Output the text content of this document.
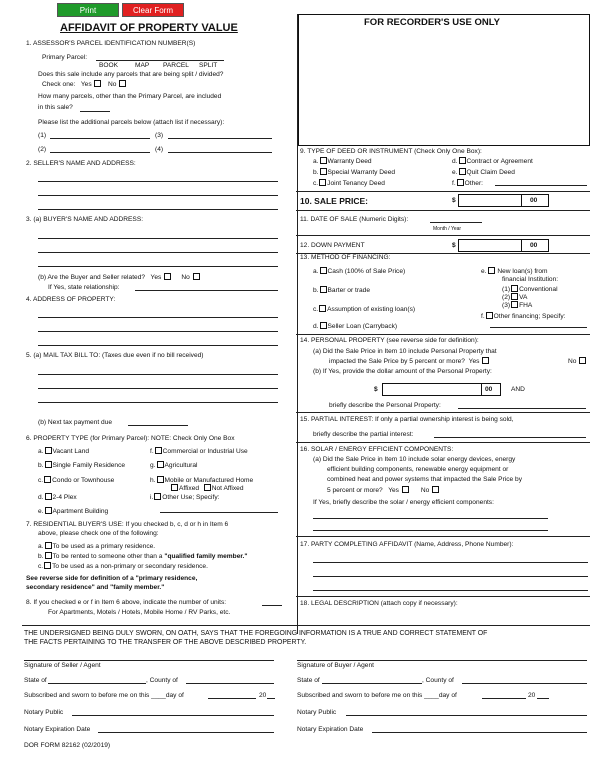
Print	Clear Form
AFFIDAVIT OF PROPERTY VALUE	FOR RECORDER'S USE ONLY
1. ASSESSOR'S PARCEL IDENTIFICATION NUMBER(S)
Primary Parcel:
BOOK	MAP PARCEL SPLIT
Does this sale include any parcels that are being split / divided?
Check one: Yes No
How many parcels, other than the Primary Parcel, are included
in this sale?
Please list the additional parcels below (attach list if necessary):
(1)	(3)
(2)	(4)
2. SELLER'S NAME AND ADDRESS:
3. (a) BUYER'S NAME AND ADDRESS:
(b) Are the Buyer and Seller related? Yes	No
If Yes, state relationship:
4. ADDRESS OF PROPERTY:
5. (a) MAIL TAX BILL TO: (Taxes due even if no bill received)
(b) Next tax payment due
6. PROPERTY TYPE (for Primary Parcel): NOTE: Check Only One Box
a. Vacant Land
b. Single Family Residence
c. Condo or Townhouse
d. 2-4 Plex
e. Apartment Building
f. Commercial or Industrial Use
g. Agricultural
h. Mobile or Manufactured Home
Affixed Not Affixed
i. Other Use; Specify:
7. RESIDENTIAL BUYER'S USE: If you checked b, c, d or h in Item 6
above, please check one of the following:
a. To be used as a primary residence.
b. To be rented to someone other than a "qualified family member."
c. To be used as a non-primary or secondary residence.
See reverse side for definition of a "primary residence,
secondary residence" and "family member."
8. If you checked e or f in Item 6 above, indicate the number of units:
For Apartments, Motels / Hotels, Mobile Home / RV Parks, etc.
9. TYPE OF DEED OR INSTRUMENT (Check Only One Box):
a. Warranty Deed
b. Special Warranty Deed
c. Joint Tenancy Deed
d. Contract or Agreement
e. Quit Claim Deed
f. Other:
10. SALE PRICE:	$	00
11. DATE OF SALE (Numeric Digits):
Month / Year
12. DOWN PAYMENT	$	00
13. METHOD OF FINANCING:
a. Cash (100% of Sale Price)
b. Barter or trade
c. Assumption of existing loan(s)
d. Seller Loan (Carryback)
e. New loan(s) from
financial Institution:
(1) Conventional
(2) VA
(3) FHA
f. Other financing; Specify:
14. PERSONAL PROPERTY (see reverse side for definition):
(a) Did the Sale Price in Item 10 include Personal Property that
impacted the Sale Price by 5 percent or more? Yes	No
(b) If Yes, provide the dollar amount of the Personal Property:
$	00	AND
briefly describe the Personal Property:
15. PARTIAL INTEREST: If only a partial ownership interest is being sold,
briefly describe the partial interest:
16. SOLAR / ENERGY EFFICIENT COMPONENTS:
(a) Did the Sale Price in Item 10 include solar energy devices, energy
efficient building components, renewable energy equipment or
combined heat and power systems that impacted the Sale Price by
5 percent or more? Yes	No
If Yes, briefly describe the solar / energy efficient components:
17. PARTY COMPLETING AFFIDAVIT (Name, Address, Phone Number):
18. LEGAL DESCRIPTION (attach copy if necessary):
THE UNDERSIGNED BEING DULY SWORN, ON OATH, SAYS THAT THE FOREGOING INFORMATION IS A TRUE AND CORRECT STATEMENT OF
THE FACTS PERTAINING TO THE TRANSFER OF THE ABOVE DESCRIBED PROPERTY.
Signature of Seller / Agent
State of	, County of
Subscribed and sworn to before me on this ____day of	20
Notary Public
Notary Expiration Date
Signature of Buyer / Agent
State of	, County of
Subscribed and sworn to before me on this ____day of	20
Notary Public
Notary Expiration Date
DOR FORM 82162 (02/2019)
